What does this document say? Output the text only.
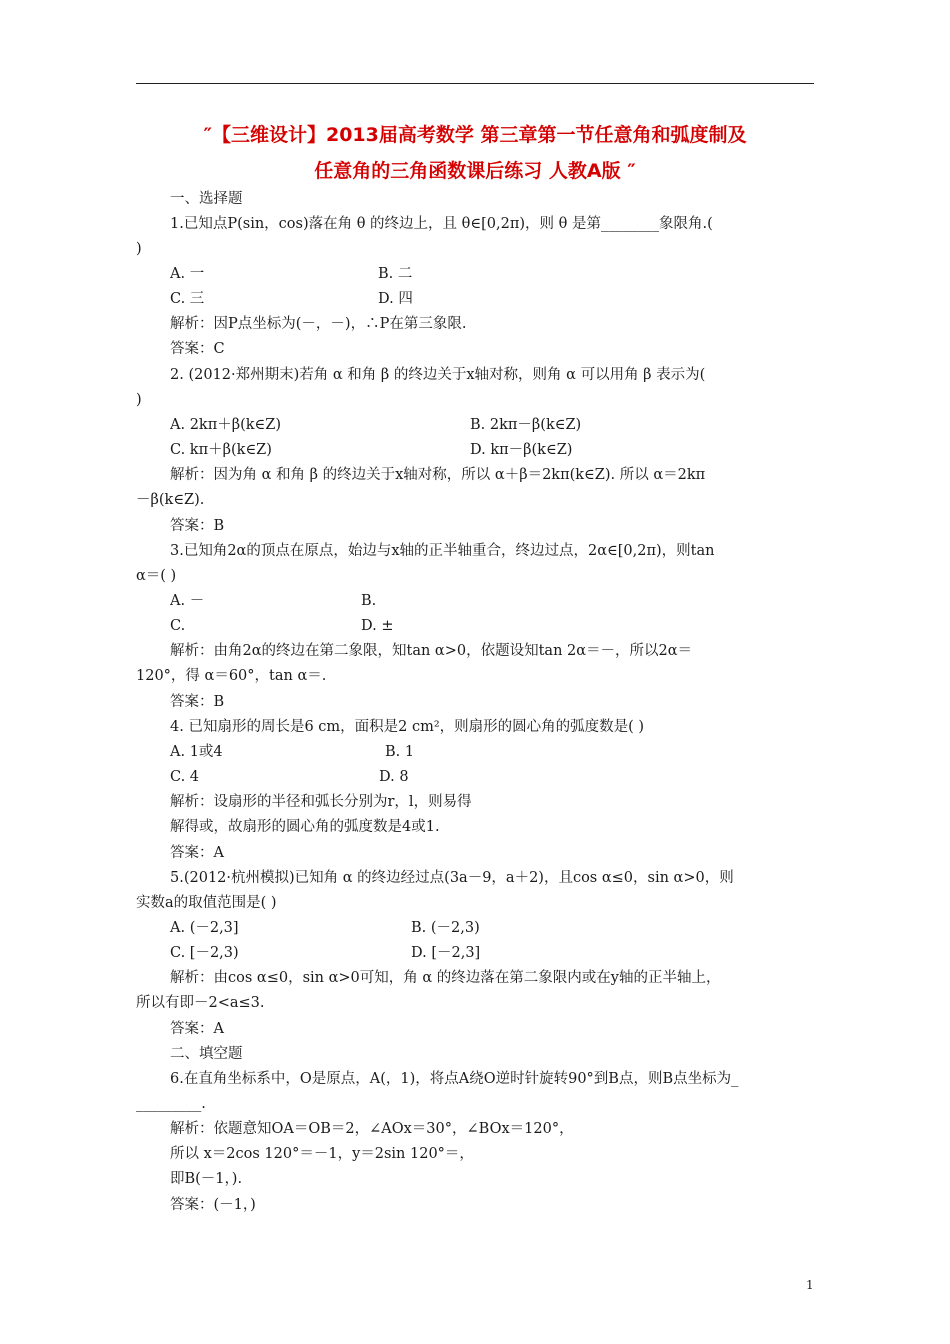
″【三维设计】2013届高考数学 第三章第一节任意角和弧度制及
任意角的三角函数课后练习 人教A版 ″
一、选择题
1.已知点P(sin，cos)落在角 θ 的终边上，且 θ∈[0,2π)，则 θ 是第________象限角.(
)
A. 一	B. 二
C. 三	D. 四
解析：因P点坐标为(－，－)，∴P在第三象限.
答案：C
2. (2012·郑州期末)若角 α 和角 β 的终边关于x轴对称，则角 α 可以用角 β 表示为(
)
A. 2kπ＋β(k∈Z)	B. 2kπ－β(k∈Z)
C. kπ＋β(k∈Z)	D. kπ－β(k∈Z)
解析：因为角 α 和角 β 的终边关于x轴对称，所以 α＋β＝2kπ(k∈Z). 所以 α＝2kπ
－β(k∈Z).
答案：B
3.已知角2α的顶点在原点，始边与x轴的正半轴重合，终边过点，2α∈[0,2π)，则tan
α＝( )
A. －	B.
C.	D. ±
解析：由角2α的终边在第二象限，知tan α>0，依题设知tan 2α＝－，所以2α＝
120°，得 α＝60°，tan α＝.
答案：B
4. 已知扇形的周长是6 cm，面积是2 cm²，则扇形的圆心角的弧度数是( )
A. 1或4	B. 1
C. 4	D. 8
解析：设扇形的半径和弧长分别为r，l，则易得
解得或，故扇形的圆心角的弧度数是4或1.
答案：A
5.(2012·杭州模拟)已知角 α 的终边经过点(3a－9，a＋2)，且cos α≤0，sin α>0，则
实数a的取值范围是( )
A. (－2,3]	B. (－2,3)
C. [－2,3)	D. [－2,3]
解析：由cos α≤0，sin α>0可知，角 α 的终边落在第二象限内或在y轴的正半轴上，
所以有即－2<a≤3.
答案：A
二、填空题
6.在直角坐标系中，O是原点，A(，1)，将点A绕O逆时针旋转90°到B点，则B点坐标为_
_________.
解析：依题意知OA＝OB＝2，∠AOx＝30°，∠BOx＝120°，
所以 x＝2cos 120°＝－1，y＝2sin 120°＝，
即B(－1，).
答案：(－1，)
1
